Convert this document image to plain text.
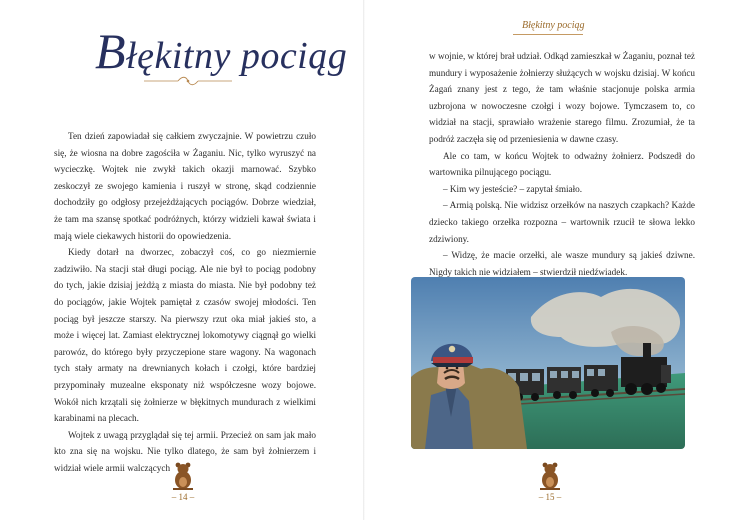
Błękitny pociąg

Ten dzień zapowiadał się całkiem zwyczajnie. W powietrzu czuło się, że wiosna na dobre zagościła w Żaganiu. Nic, tylko wyruszyć na wycieczkę. Wojtek nie zwykł takich okazji marnować. Szybko zeskoczył ze swojego kamienia i ruszył w stronę, skąd codziennie dochodziły go odgłosy przejeżdżających pociągów. Dobrze wiedział, że tam ma szansę spotkać podróżnych, którzy widzieli kawał świata i mają wiele ciekawych historii do opowiedzenia.

Kiedy dotarł na dworzec, zobaczył coś, co go niezmiernie zadziwiło. Na stacji stał długi pociąg. Ale nie był to pociąg podobny do tych, jakie dzisiaj jeżdżą z miasta do miasta. Nie był podobny też do pociągów, jakie Wojtek pamiętał z czasów swojej młodości. Ten pociąg był jeszcze starszy. Na pierwszy rzut oka miał jakieś sto, a może i więcej lat. Zamiast elektrycznej lokomotywy ciągnął go wielki parowóz, do którego były przyczepione stare wagony. Na wagonach tych stały armaty na drewnianych kołach i czołgi, które bardziej przypominały muzealne eksponaty niż współczesne wozy bojowe. Wokół nich krzątali się żołnierze w błękitnych mundurach z wielkimi karabinami na plecach.

Wojtek z uwagą przyglądał się tej armii. Przecież on sam jak mało kto zna się na wojsku. Nie tylko dlatego, że sam był żołnierzem i widział wiele armii walczących

– 14 –
Błękitny pociąg

w wojnie, w której brał udział. Odkąd zamieszkał w Żaganiu, poznał też mundury i wyposażenie żołnierzy służących w wojsku dzisiaj. W końcu Żagań znany jest z tego, że tam właśnie stacjonuje polska armia uzbrojona w nowoczesne czołgi i wozy bojowe. Tymczasem to, co widział na stacji, sprawiało wrażenie starego filmu. Zrozumiał, że ta podróż zaczęła się od przeniesienia w dawne czasy.

Ale co tam, w końcu Wojtek to odważny żołnierz. Podszedł do wartownika pilnującego pociągu.

– Kim wy jesteście? – zapytał śmiało.

– Armią polską. Nie widzisz orzełków na naszych czapkach? Każde dziecko takiego orzełka rozpozna – wartownik rzucił te słowa lekko zdziwiony.

– Widzę, że macie orzełki, ale wasze mundury są jakieś dziwne. Nigdy takich nie widziałem – stwierdził niedźwiadek.

– 15 –
